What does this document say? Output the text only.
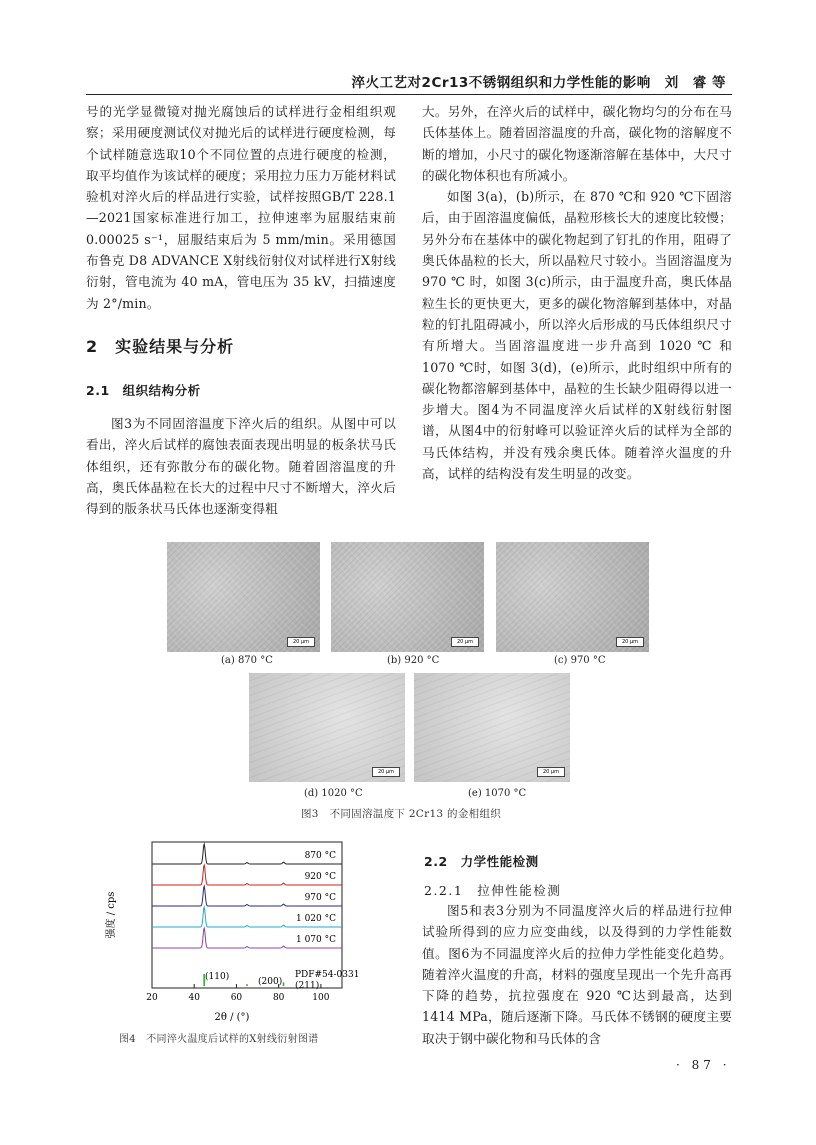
淬火工艺对2Cr13不锈钢组织和力学性能的影响　刘　睿 等

号的光学显微镜对抛光腐蚀后的试样进行金相组织观察；采用硬度测试仪对抛光后的试样进行硬度检测，每个试样随意选取10个不同位置的点进行硬度的检测，取平均值作为该试样的硬度；采用拉力压力万能材料试验机对淬火后的样品进行实验，试样按照GB/T 228.1—2021国家标准进行加工，拉伸速率为屈服结束前 0.00025 s⁻¹，屈服结束后为 5 mm/min。采用德国布鲁克 D8 ADVANCE X射线衍射仪对试样进行X射线衍射，管电流为 40 mA，管电压为 35 kV，扫描速度为 2°/min。

2　实验结果与分析
2.1　组织结构分析

图3为不同固溶温度下淬火后的组织。从图中可以看出，淬火后试样的腐蚀表面表现出明显的板条状马氏体组织，还有弥散分布的碳化物。随着固溶温度的升高，奥氏体晶粒在长大的过程中尺寸不断增大，淬火后得到的版条状马氏体也逐渐变得粗

大。另外，在淬火后的试样中，碳化物均匀的分布在马氏体基体上。随着固溶温度的升高，碳化物的溶解度不断的增加，小尺寸的碳化物逐渐溶解在基体中，大尺寸的碳化物体积也有所减小。

如图 3(a)，(b)所示，在 870 ℃和 920 ℃下固溶后，由于固溶温度偏低，晶粒形核长大的速度比较慢；另外分布在基体中的碳化物起到了钉扎的作用，阻碍了奥氏体晶粒的长大，所以晶粒尺寸较小。当固溶温度为 970 ℃ 时，如图 3(c)所示，由于温度升高，奥氏体晶粒生长的更快更大，更多的碳化物溶解到基体中，对晶粒的钉扎阻碍减小，所以淬火后形成的马氏体组织尺寸有所增大。当固溶温度进一步升高到 1020 ℃ 和 1070 ℃时，如图 3(d)，(e)所示，此时组织中所有的碳化物都溶解到基体中，晶粒的生长缺少阻碍得以进一步增大。图4为不同温度淬火后试样的X射线衍射图谱，从图4中的衍射峰可以验证淬火后的试样为全部的马氏体结构，并没有残余奥氏体。随着淬火温度的升高，试样的结构没有发生明显的改变。

20 μm	20 μm	20 μm
(a) 870 °C	(b) 920 °C	(c) 970 °C
20 μm	20 μm
(d) 1020 °C	(e) 1070 °C
图3　不同固溶温度下 2Cr13 的金相组织
870 °C
920 °C
970 °C
1 020 °C
1 070 °C
20	40	60	80	100
强度 / cps
2θ / (°)
(110)	(200)
PDF#54-0331
(211)
图4　不同淬火温度后试样的X射线衍射图谱
2.2　力学性能检测
2.2.1　拉伸性能检测

图5和表3分别为不同温度淬火后的样品进行拉伸试验所得到的应力应变曲线，以及得到的力学性能数值。图6为不同温度淬火后的拉伸力学性能变化趋势。随着淬火温度的升高，材料的强度呈现出一个先升高再下降的趋势，抗拉强度在 920 ℃达到最高，达到 1414 MPa，随后逐渐下降。马氏体不锈钢的硬度主要取决于钢中碳化物和马氏体的含

· 87 ·
